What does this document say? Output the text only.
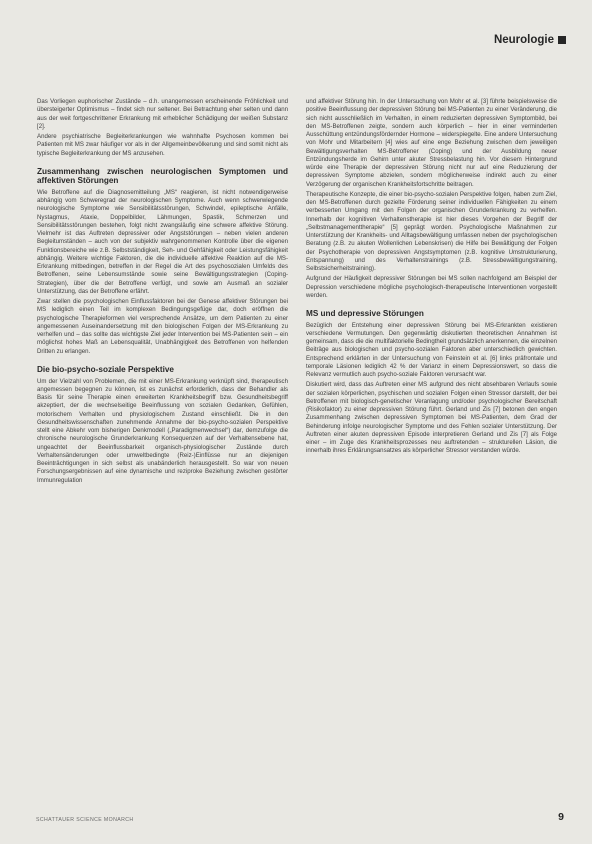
Neurologie

Das Vorliegen euphorischer Zustände – d.h. unangemessen erscheinende Fröhlichkeit und übersteigerter Optimismus – findet sich nur seltener. Bei Betrachtung eher selten und dann aus der weit fortgeschrittener Erkrankung mit erheblicher Schädigung der weißen Substanz [2].

Andere psychiatrische Begleiterkrankungen wie wahnhafte Psychosen kommen bei Patienten mit MS zwar häufiger vor als in der Allgemeinbevölkerung und sind somit nicht als typische Begleiterkrankung der MS anzusehen.

Zusammenhang zwischen neurologischen Symptomen und affektiven Störungen

Wie Betroffene auf die Diagnosemitteilung „MS“ reagieren, ist nicht notwendigerweise abhängig vom Schweregrad der neurologischen Symptome. Auch wenn schwerwiegende neurologische Symptome wie Sensibilitätsstörungen, Schwindel, epileptische Anfälle, Nystagmus, Ataxie, Doppelbilder, Lähmungen, Spastik, Schmerzen und Sensibilitätsstörungen bestehen, folgt nicht zwangsläufig eine schwere affektive Störung. Vielmehr ist das Auftreten depressiver oder Angststörungen – neben vielen anderen Begleitumständen – auch von der subjektiv wahrgenommenen Kontrolle über die eigenen Funktionsbereiche wie z.B. Selbstständigkeit, Seh- und Gehfähigkeit oder Leistungsfähigkeit abhängig. Weitere wichtige Faktoren, die die individuelle affektive Reaktion auf die MS-Erkrankung mitbedingen, betreffen in der Regel die Art des psychosozialen Umfelds des Betroffenen, seine Lebensumstände sowie seine Bewältigungsstrategien (Coping-Strategien), über die der Betroffene verfügt, und sowie am Ausmaß an sozialer Unterstützung, das der Betroffene erfährt.

Zwar stellen die psychologischen Einflussfaktoren bei der Genese affektiver Störungen bei MS lediglich einen Teil im komplexen Bedingungsgefüge dar, doch eröffnen die psychologische Therapieformen viel versprechende Ansätze, um dem Patienten zu einer angemessenen Auseinandersetzung mit den biologischen Folgen der MS-Erkrankung zu verhelfen und – das sollte das wichtigste Ziel jeder Intervention bei MS-Patienten sein – ein möglichst hohes Maß an Lebensqualität, Unabhängigkeit des Betroffenen von helfenden Dritten zu erlangen.

Die bio-psycho-soziale Perspektive

Um der Vielzahl von Problemen, die mit einer MS-Erkrankung verknüpft sind, therapeutisch angemessen begegnen zu können, ist es zunächst erforderlich, dass der Behandler als Basis für seine Therapie einen erweiterten Krankheitsbegriff bzw. Gesundheitsbegriff akzeptiert, der die wechselseitige Beeinflussung von sozialen Gedanken, Gefühlen, motorischem Verhalten und physiologischem Zustand einschließt. Die in den Gesundheitswissenschaften zunehmende Annahme der bio-psycho-sozialen Perspektive stellt eine Abkehr vom bisherigen Denkmodell („Paradigmenwechsel“) dar, demzufolge die chronische neurologische Grunderkrankung Konsequenzen auf der Verhaltensebene hat, ungeachtet der Beeinflussbarkeit organisch-physiologischer Zustände durch Verhaltensänderungen oder umweltbedingte (Reiz-)Einflüsse nur an diejenigen Beeinträchtigungen in sich selbst als unabänderlich herausgestellt. So war von neuen Forschungsergebnissen auf eine dynamische und reziproke Beziehung zwischen gestörter Immunregulation

und affektiver Störung hin. In der Untersuchung von Mohr et al. [3] führte beispielsweise die positive Beeinflussung der depressiven Störung bei MS-Patienten zu einer Veränderung, die sich nicht ausschließlich im Verhalten, in einem reduzierten depressiven Symptombild, bei den MS-Betroffenen zeigte, sondern auch körperlich – hier in einer verminderten Ausschüttung entzündungsfördernder Hormone – widerspiegelte. Eine andere Untersuchung von Mohr und Mitarbeitern [4] wies auf eine enge Beziehung zwischen dem jeweiligen Bewältigungsverhalten MS-Betroffener (Coping) und der Ausbildung neuer Entzündungsherde im Gehirn unter akuter Stressbelastung hin. Vor diesem Hintergrund würde eine Therapie der depressiven Störung nicht nur auf eine Reduzierung der depressiven Symptome abzielen, sondern möglicherweise indirekt auch zu einer Verzögerung der organischen Krankheitsfortschritte beitragen.

Therapeutische Konzepte, die einer bio-psycho-sozialen Perspektive folgen, haben zum Ziel, den MS-Betroffenen durch gezielte Förderung seiner individuellen Fähigkeiten zu einem verbesserten Umgang mit den Folgen der organischen Grunderkrankung zu verhelfen. Innerhalb der kognitiven Verhaltenstherapie ist hier dieses Vorgehen der Begriff der „Selbstmanagementtherapie“ [5] geprägt worden. Psychologische Maßnahmen zur Unterstützung der Krankheits- und Alltagsbewältigung umfassen neben der psychologischen Beratung (z.B. zu akuten Wollenlichen Lebenskrisen) die Hilfe bei Bewältigung der Folgen der Psychotherapie von depressiven Angstsymptomen (z.B. kognitive Umstrukturierung, Entspannung) und des Verhaltenstrainings (z.B. Stressbewältigungstraining, Selbstsicherheitstraining).

Aufgrund der Häufigkeit depressiver Störungen bei MS sollen nachfolgend am Beispiel der Depression verschiedene mögliche psychologisch-therapeutische Interventionen vorgestellt werden.

MS und depressive Störungen

Bezüglich der Entstehung einer depressiven Störung bei MS-Erkrankten existieren verschiedene Vermutungen. Den gegenwärtig diskutierten theoretischen Annahmen ist gemeinsam, dass die die multifaktorielle Bedingtheit grundsätzlich anerkennen, die einzelnen Beiträge aus biologischen und psycho-sozialen Faktoren aber unterschiedlich gewichten. Entsprechend erklärten in der Untersuchung von Feinstein et al. [6] links präfrontale und temporale Läsionen lediglich 42 % der Varianz in einem Depressionswert, so dass die Relevanz vermutlich auch psycho-soziale Faktoren verursacht war.

Diskutiert wird, dass das Auftreten einer MS aufgrund des nicht absehbaren Verlaufs sowie der sozialen körperlichen, psychischen und sozialen Folgen einen Stressor darstellt, der bei Betroffenen mit biologisch-genetischer Veranlagung und/oder psychologischer Bereitschaft (Risikofaktor) zu einer depressiven Störung führt. Gerland und Zis [7] betonen den engen Zusammenhang zwischen depressiven Symptomen bei MS-Patienten, dem Grad der Behinderung infolge neurologischer Symptome und des Fehlen sozialer Unterstützung. Der Auftreten einer akuten depressiven Episode interpretieren Gerland und Zis [7] als Folge einer – im Zuge des Krankheitsprozesses neu auftretenden – strukturellen Läsion, die innerhalb ihres Erklärungsansatzes als körperlicher Stressor verstanden würde.

SCHATTAUER SCIENCE MONARCH	9
